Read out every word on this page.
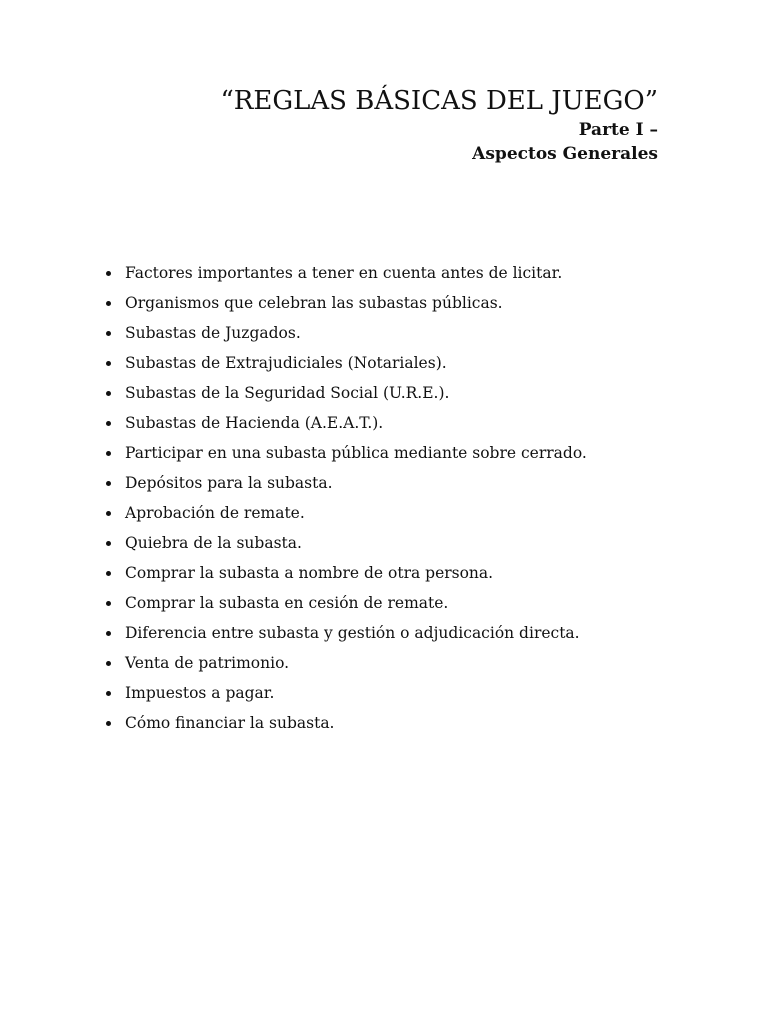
“REGLAS BÁSICAS DEL JUEGO”

Parte I –

Aspectos Generales

Factores importantes a tener en cuenta antes de licitar.
Organismos que celebran las subastas públicas.
Subastas de Juzgados.
Subastas de Extrajudiciales (Notariales).
Subastas de la Seguridad Social (U.R.E.).
Subastas de Hacienda (A.E.A.T.).
Participar en una subasta pública mediante sobre cerrado.
Depósitos para la subasta.
Aprobación de remate.
Quiebra de la subasta.
Comprar la subasta a nombre de otra persona.
Comprar la subasta en cesión de remate.
Diferencia entre subasta y gestión o adjudicación directa.
Venta de patrimonio.
Impuestos a pagar.
Cómo financiar la subasta.
